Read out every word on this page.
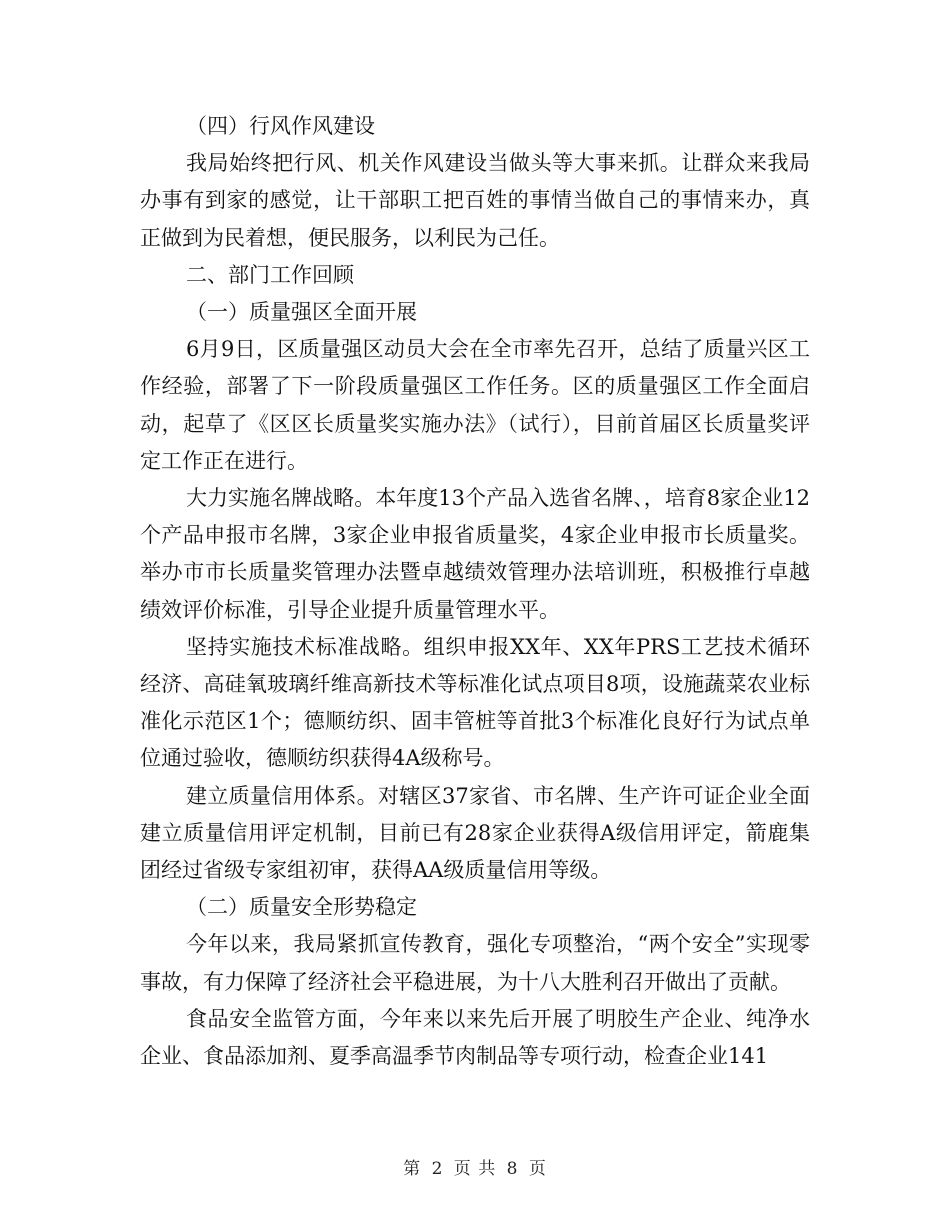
（四）行风作风建设

我局始终把行风、机关作风建设当做头等大事来抓。让群众来我局办事有到家的感觉，让干部职工把百姓的事情当做自己的事情来办，真正做到为民着想，便民服务，以利民为己任。

二、部门工作回顾

（一）质量强区全面开展

6月9日，区质量强区动员大会在全市率先召开，总结了质量兴区工作经验，部署了下一阶段质量强区工作任务。区的质量强区工作全面启动，起草了《区区长质量奖实施办法》（试行），目前首届区长质量奖评定工作正在进行。

大力实施名牌战略。本年度13个产品入选省名牌、，培育8家企业12个产品申报市名牌，3家企业申报省质量奖，4家企业申报市长质量奖。举办市市长质量奖管理办法暨卓越绩效管理办法培训班，积极推行卓越绩效评价标准，引导企业提升质量管理水平。

坚持实施技术标准战略。组织申报XX年、XX年PRS工艺技术循环经济、高硅氧玻璃纤维高新技术等标准化试点项目8项，设施蔬菜农业标准化示范区1个；德顺纺织、固丰管桩等首批3个标准化良好行为试点单位通过验收，德顺纺织获得4A级称号。

建立质量信用体系。对辖区37家省、市名牌、生产许可证企业全面建立质量信用评定机制，目前已有28家企业获得A级信用评定，箭鹿集团经过省级专家组初审，获得AA级质量信用等级。

（二）质量安全形势稳定

今年以来，我局紧抓宣传教育，强化专项整治，“两个安全”实现零事故，有力保障了经济社会平稳进展，为十八大胜利召开做出了贡献。

食品安全监管方面，今年来以来先后开展了明胶生产企业、纯净水企业、食品添加剂、夏季高温季节肉制品等专项行动，检查企业141

第 2 页 共 8 页
